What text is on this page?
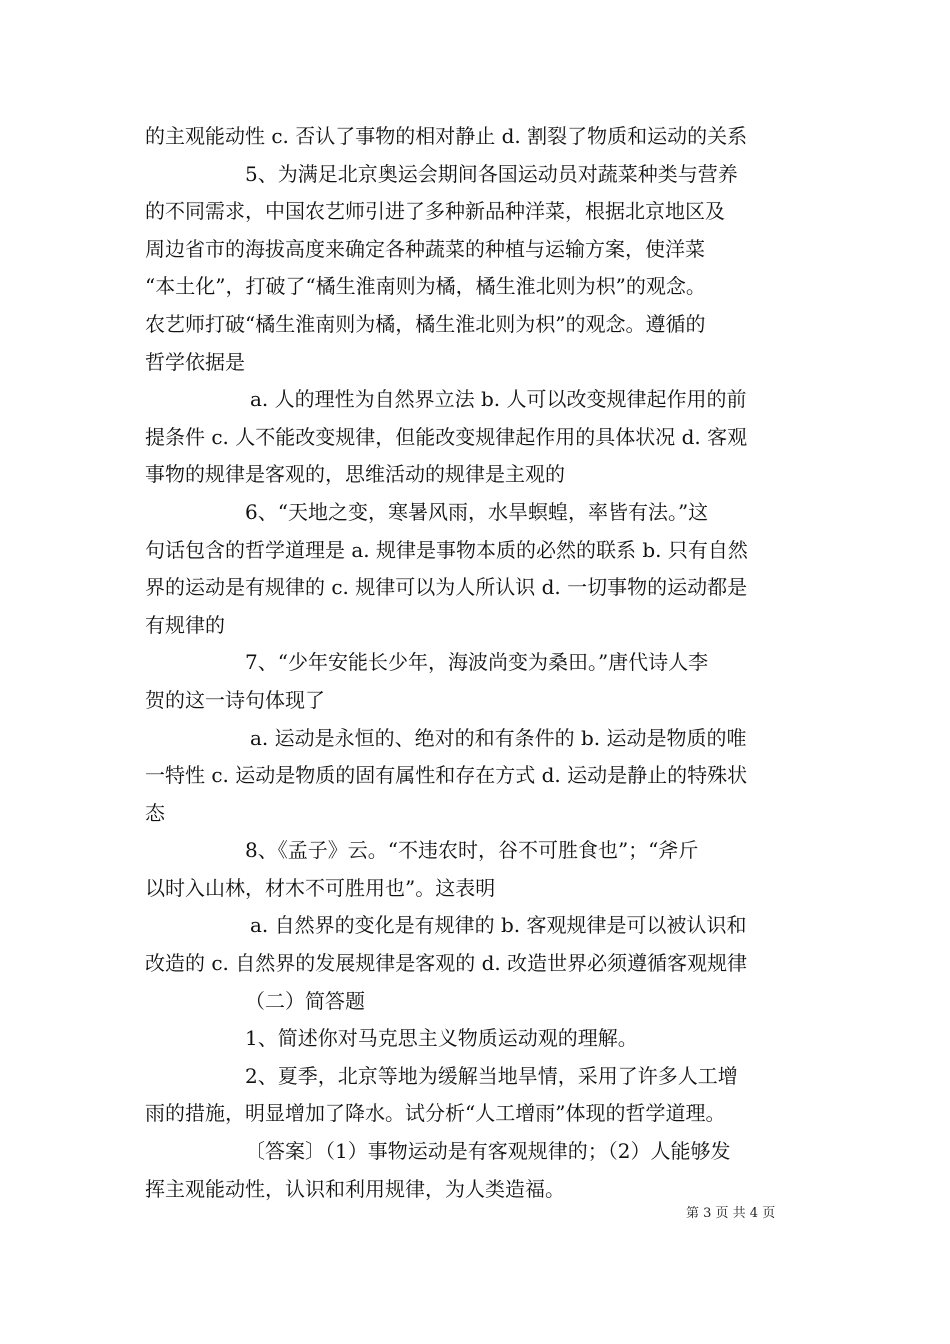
的主观能动性 c. 否认了事物的相对静止 d. 割裂了物质和运动的关系
5、为满足北京奥运会期间各国运动员对蔬菜种类与营养
的不同需求，中国农艺师引进了多种新品种洋菜，根据北京地区及
周边省市的海拔高度来确定各种蔬菜的种植与运输方案，使洋菜
“本土化”，打破了“橘生淮南则为橘，橘生淮北则为枳”的观念。
农艺师打破“橘生淮南则为橘，橘生淮北则为枳”的观念。遵循的
哲学依据是
a. 人的理性为自然界立法 b. 人可以改变规律起作用的前
提条件 c. 人不能改变规律，但能改变规律起作用的具体状况 d. 客观
事物的规律是客观的，思维活动的规律是主观的
6、“天地之变，寒暑风雨，水旱螟蝗，率皆有法。”这
句话包含的哲学道理是 a. 规律是事物本质的必然的联系 b. 只有自然
界的运动是有规律的 c. 规律可以为人所认识 d. 一切事物的运动都是
有规律的
7、“少年安能长少年，海波尚变为桑田。”唐代诗人李
贺的这一诗句体现了
a. 运动是永恒的、绝对的和有条件的 b. 运动是物质的唯
一特性 c. 运动是物质的固有属性和存在方式 d. 运动是静止的特殊状
态
8、《孟子》云。“不违农时，谷不可胜食也”；“斧斤
以时入山林，材木不可胜用也”。这表明
a. 自然界的变化是有规律的 b. 客观规律是可以被认识和
改造的 c. 自然界的发展规律是客观的 d. 改造世界必须遵循客观规律
（二）简答题
1、简述你对马克思主义物质运动观的理解。
2、夏季，北京等地为缓解当地旱情，采用了许多人工增
雨的措施，明显增加了降水。试分析“人工增雨”体现的哲学道理。
〔答案〕（1）事物运动是有客观规律的；（2）人能够发
挥主观能动性，认识和利用规律，为人类造福。
第 3 页 共 4 页
